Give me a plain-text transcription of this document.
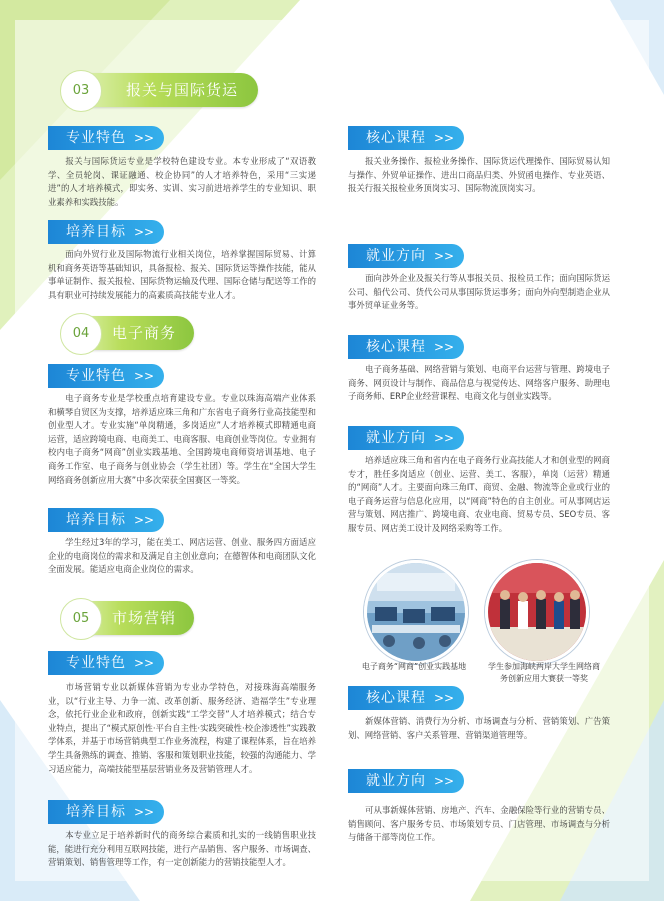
03	报关与国际货运
专业特色 >>

报关与国际货运专业是学校特色建设专业。本专业形成了“双语教学、全员轮岗、课证融通、校企协同”的人才培养特色，采用“三实递进”的人才培养模式，即实务、实训、实习前进培养学生的专业知识、职业素养和实践技能。

培养目标 >>

面向外贸行业及国际物流行业相关岗位，培养掌握国际贸易、计算机和商务英语等基础知识，具备报检、报关、国际货运等操作技能，能从事单证制作、报关报检、国际货物运输及代理、国际仓储与配送等工作的具有职业可持续发展能力的高素质高技能专业人才。

核心课程 >>

报关业务操作、报检业务操作、国际货运代理操作、国际贸易认知与操作、外贸单证操作、进出口商品归类、外贸函电操作、专业英语、报关行报关报检业务顶岗实习、国际物流顶岗实习。

就业方向 >>

面向涉外企业及报关行等从事报关员、报检员工作；面向国际货运公司、船代公司、货代公司从事国际货运事务；面向外向型制造企业从事外贸单证业务等。

04	电子商务
专业特色 >>

电子商务专业是学校重点培育建设专业。专业以珠海高端产业体系和横琴自贸区为支撑，培养适应珠三角和广东省电子商务行业高技能型和创业型人才。专业实施“单岗精通，多岗适应”人才培养模式即精通电商运营，适应跨境电商、电商美工、电商客服、电商创业等岗位。专业拥有校内电子商务“网商”创业实践基地、全国跨境电商师资培训基地、电子商务工作室、电子商务与创业协会（学生社团）等。学生在“全国大学生网络商务创新应用大赛”中多次荣获全国赛区一等奖。

培养目标 >>

学生经过3年的学习，能在美工、网店运营、创业、服务四方面适应企业的电商岗位的需求和及满足自主创业意向；在德智体和电商团队文化全面发展。能适应电商企业岗位的需求。

核心课程 >>

电子商务基础、网络营销与策划、电商平台运营与管理、跨境电子商务、网页设计与制作、商品信息与视觉传达、网络客户服务、助理电子商务师、ERP企业经营课程、电商文化与创业实践等。

就业方向 >>

培养适应珠三角和省内在电子商务行业高技能人才和创业型的网商专才，胜任多岗适应（创业、运营、美工、客服），单岗（运营）精通的“网商”人才。主要面向珠三角IT、商贸、金融、物流等企业或行业的电子商务运营与信息化应用，以“网商”特色的自主创业。可从事网店运营与策划、网店推广、跨境电商、农业电商、贸易专员、SEO专员、客服专员、网店美工设计及网络采购等工作。

电子商务“网商”创业实践基地	学生参加海峡两岸大学生网络商务创新应用大赛获一等奖
05	市场营销
专业特色 >>

市场营销专业以新媒体营销为专业办学特色，对接珠海高端服务业，以“行业主导、力争一流、改革创新、服务经济、造福学生”专业理念，依托行业企业和政府，创新实践“工学交替”人才培养模式；结合专业特点，提出了“模式原创性·平台自主性·实践突破性·校企渗透性”实践教学体系，并基于市场营销典型工作业务流程，构建了课程体系，旨在培养学生具备熟练的调查、推销、客服和策划职业技能，较强的沟通能力、学习适应能力，高端技能型基层营销业务及营销管理人才。

培养目标 >>

本专业立足于培养新时代的商务综合素质和扎实的一线销售职业技能，能进行充分利用互联网技能，进行产品销售、客户服务、市场调查、营销策划、销售管理等工作，有一定创新能力的营销技能型人才。

核心课程 >>

新媒体营销、消费行为分析、市场调查与分析、营销策划、广告策划、网络营销、客户关系管理、营销渠道管理等。

就业方向 >>

可从事新媒体营销、房地产、汽车、金融保险等行业的营销专员、销售顾问、客户服务专员、市场策划专员、门店管理、市场调查与分析与储备干部等岗位工作。
